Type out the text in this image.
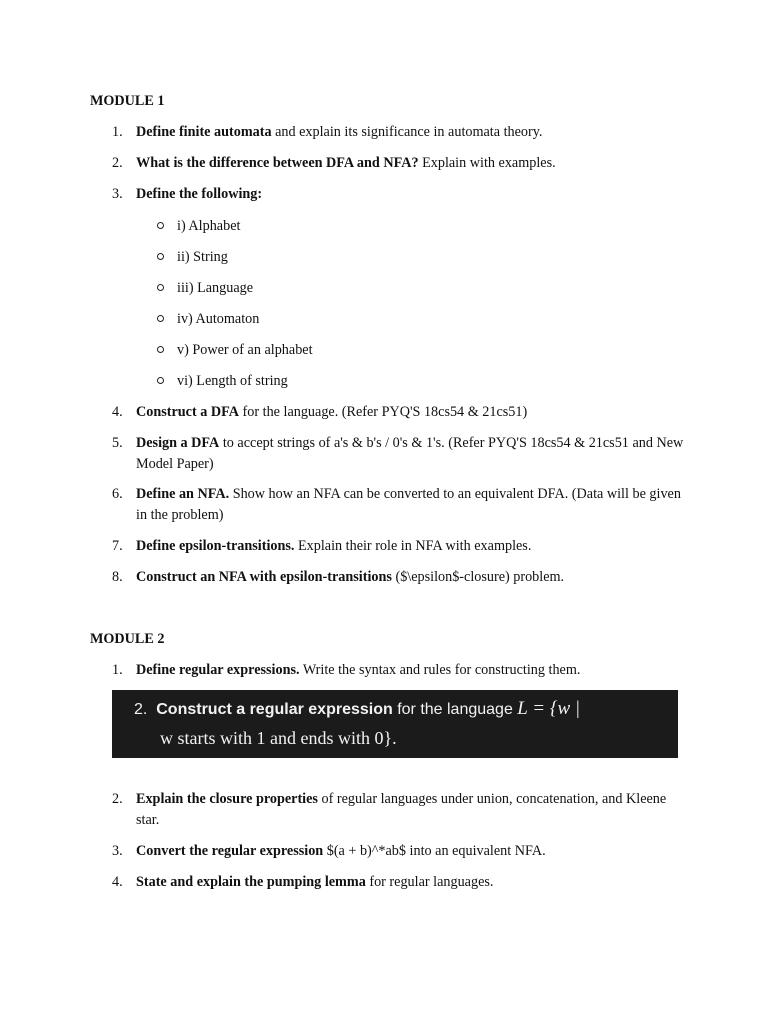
MODULE 1
1. Define finite automata and explain its significance in automata theory.
2. What is the difference between DFA and NFA? Explain with examples.
3. Define the following:
i) Alphabet
ii) String
iii) Language
iv) Automaton
v) Power of an alphabet
vi) Length of string
4. Construct a DFA for the language. (Refer PYQ'S 18cs54 & 21cs51)
5. Design a DFA to accept strings of a's & b's / 0's & 1's. (Refer PYQ'S 18cs54 & 21cs51 and New Model Paper)
6. Define an NFA. Show how an NFA can be converted to an equivalent DFA. (Data will be given in the problem)
7. Define epsilon-transitions. Explain their role in NFA with examples.
8. Construct an NFA with epsilon-transitions ($\epsilon$-closure) problem.
MODULE 2
1. Define regular expressions. Write the syntax and rules for constructing them.
2. Construct a regular expression for the language L = {w |
w starts with 1 and ends with 0}.
2. Explain the closure properties of regular languages under union, concatenation, and Kleene star.
3. Convert the regular expression $(a + b)^*ab$ into an equivalent NFA.
4. State and explain the pumping lemma for regular languages.
